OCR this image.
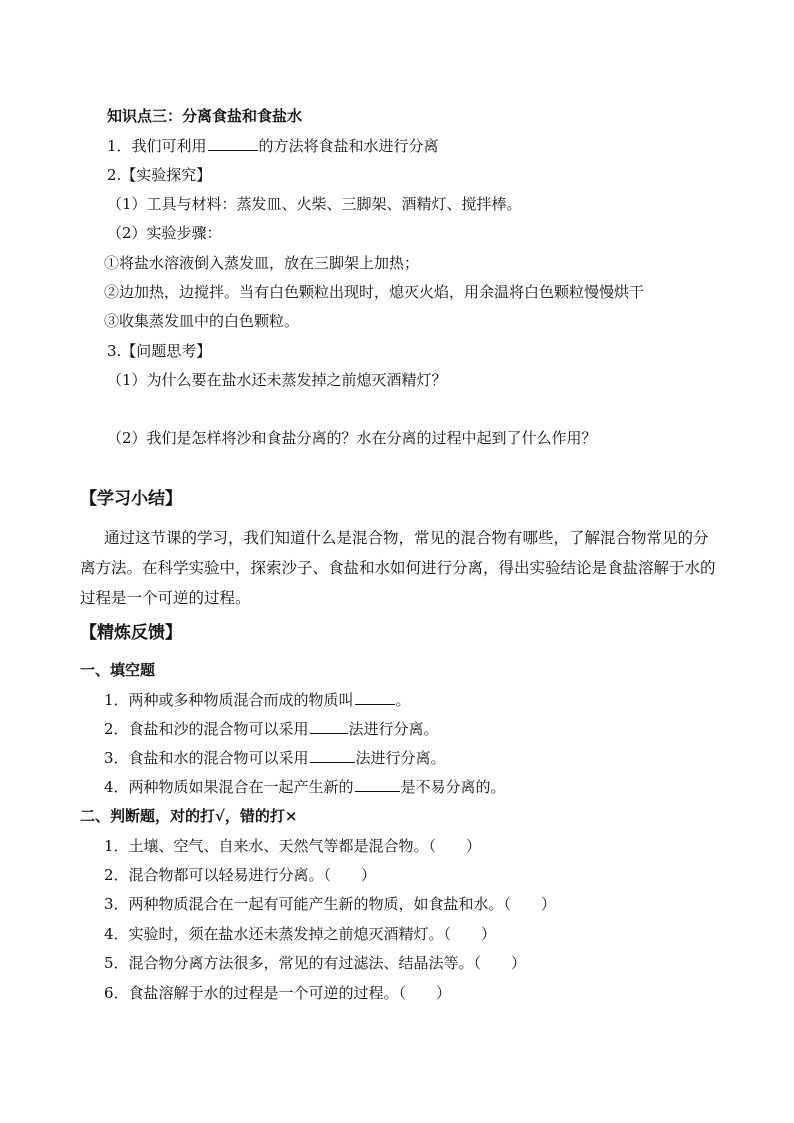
知识点三：分离食盐和食盐水
1．我们可利用	的方法将食盐和水进行分离
2.【实验探究】
（1）工具与材料：蒸发皿、火柴、三脚架、酒精灯、搅拌棒。
（2）实验步骤：
①将盐水溶液倒入蒸发皿，放在三脚架上加热；
②边加热，边搅拌。当有白色颗粒出现时，熄灭火焰，用余温将白色颗粒慢慢烘干
③收集蒸发皿中的白色颗粒。
3.【问题思考】
（1）为什么要在盐水还未蒸发掉之前熄灭酒精灯？
（2）我们是怎样将沙和食盐分离的？水在分离的过程中起到了什么作用？
【学习小结】
通过这节课的学习，我们知道什么是混合物，常见的混合物有哪些，了解混合物常见的分
离方法。在科学实验中，探索沙子、食盐和水如何进行分离，得出实验结论是食盐溶解于水的
过程是一个可逆的过程。
【精炼反馈】
一、填空题
1．两种或多种物质混合而成的物质叫	。
2．食盐和沙的混合物可以采用	法进行分离。
3．食盐和水的混合物可以采用	法进行分离。
4．两种物质如果混合在一起产生新的	是不易分离的。
二、判断题，对的打√，错的打×
1．土壤、空气、自来水、天然气等都是混合物。（　　）
2．混合物都可以轻易进行分离。（　　）
3．两种物质混合在一起有可能产生新的物质，如食盐和水。（　　）
4．实验时，须在盐水还未蒸发掉之前熄灭酒精灯。（　　）
5．混合物分离方法很多，常见的有过滤法、结晶法等。（　　）
6．食盐溶解于水的过程是一个可逆的过程。（　　）
